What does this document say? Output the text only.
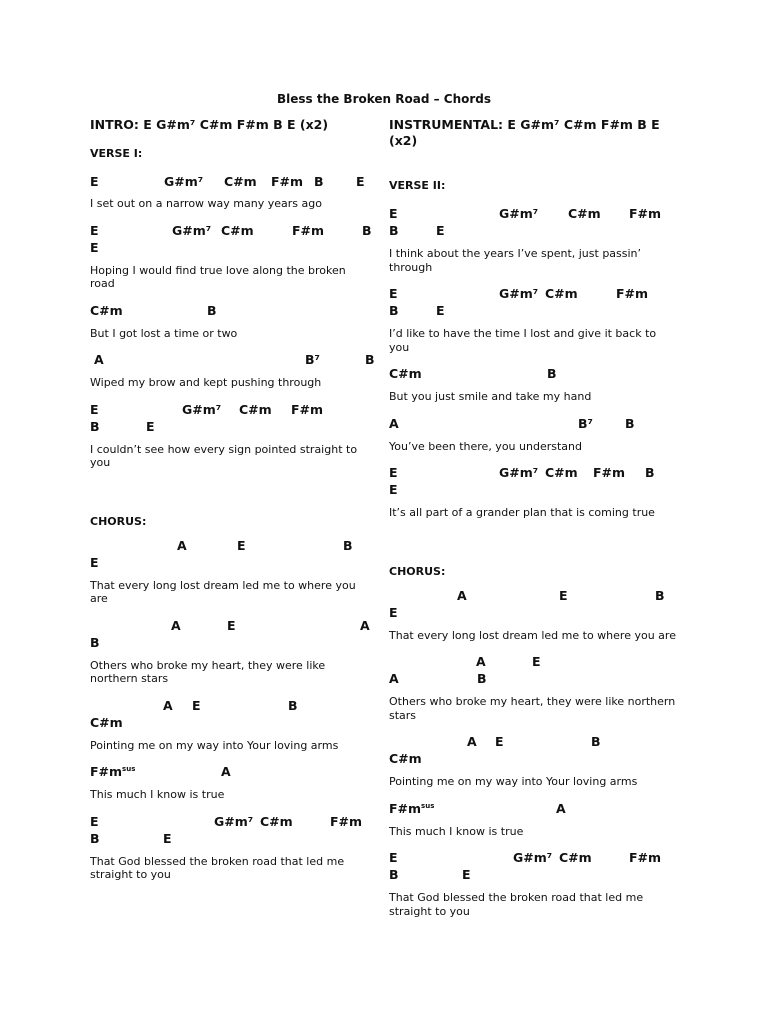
Bless the Broken Road – Chords
INTRO: E G#m⁷ C#m F#m B E (x2)
VERSE I:
E	G#m⁷ C#m F#m B	E
I set out on a narrow way many years ago
E	G#m⁷ C#m	F#m	B
E
Hoping I would find true love along the broken road
C#m	B
But I got lost a time or two
A	B⁷	B
Wiped my brow and kept pushing through
E	G#m⁷ C#m F#m
B	E
I couldn’t see how every sign pointed straight to you
CHORUS:
A	E	B
E
That every long lost dream led me to where you are
A	E	A
B
Others who broke my heart, they were like northern stars
A E	B
C#m
Pointing me on my way into Your loving arms
$F\#m^{sus}$	A
This much I know is true
E	G#m⁷ C#m	F#m
B	E
That God blessed the broken road that led me straight to you
INSTRUMENTAL: E G#m⁷ C#m F#m B E (x2)
VERSE II:
E	G#m⁷ C#m F#m
B	E
I think about the years I’ve spent, just passin’ through
E	G#m⁷ C#m	F#m
B	E
I’d like to have the time I lost and give it back to you
C#m	B
But you just smile and take my hand
A	B⁷	B
You’ve been there, you understand
E	G#m⁷ C#m F#m B
E
It’s all part of a grander plan that is coming true
CHORUS:
A	E	B
E
That every long lost dream led me to where you are
A	E
A	B
Others who broke my heart, they were like northern stars
A E	B
C#m
Pointing me on my way into Your loving arms
$F\#m^{sus}$	A
This much I know is true
E	G#m⁷ C#m	F#m
B	E
That God blessed the broken road that led me straight to you
